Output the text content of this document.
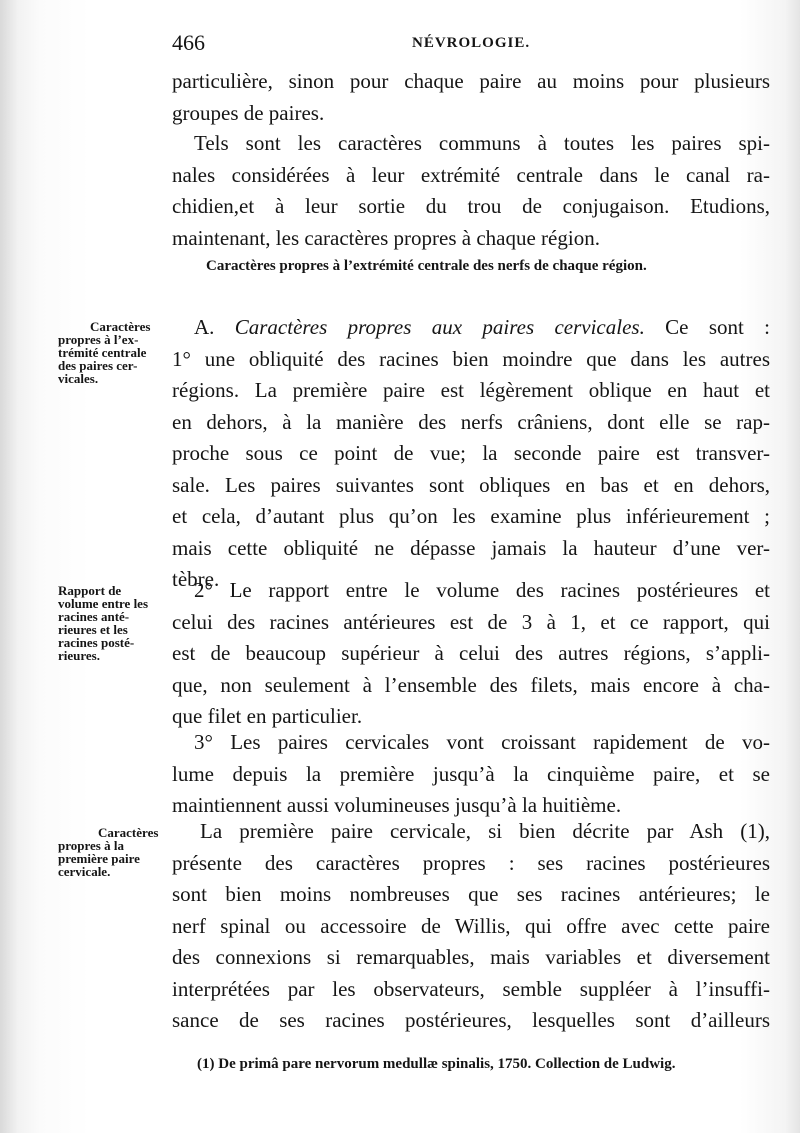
466	NÉVROLOGIE.
particulière, sinon pour chaque paire au moins pour plusieurs
groupes de paires.
Tels sont les caractères communs à toutes les paires spi-
nales considérées à leur extrémité centrale dans le canal ra-
chidien,et à leur sortie du trou de conjugaison. Etudions,
maintenant, les caractères propres à chaque région.
Caractères propres à l’extrémité centrale des nerfs de chaque région.
Caractères
propres à l’ex-
trémité centrale
des paires cer-
vicales.
A. Caractères propres aux paires cervicales. Ce sont :
1° une obliquité des racines bien moindre que dans les autres
régions. La première paire est légèrement oblique en haut et
en dehors, à la manière des nerfs crâniens, dont elle se rap-
proche sous ce point de vue; la seconde paire est transver-
sale. Les paires suivantes sont obliques en bas et en dehors,
et cela, d’autant plus qu’on les examine plus inférieurement ;
mais cette obliquité ne dépasse jamais la hauteur d’une ver-
tèbre.
Rapport de
volume entre les
racines anté-
rieures et les
racines posté-
rieures.
2° Le rapport entre le volume des racines postérieures et
celui des racines antérieures est de 3 à 1, et ce rapport, qui
est de beaucoup supérieur à celui des autres régions, s’appli-
que, non seulement à l’ensemble des filets, mais encore à cha-
que filet en particulier.
3° Les paires cervicales vont croissant rapidement de vo-
lume depuis la première jusqu’à la cinquième paire, et se
maintiennent aussi volumineuses jusqu’à la huitième.
Caractères
propres à la
première paire
cervicale.
La première paire cervicale, si bien décrite par Ash (1),
présente des caractères propres : ses racines postérieures
sont bien moins nombreuses que ses racines antérieures; le
nerf spinal ou accessoire de Willis, qui offre avec cette paire
des connexions si remarquables, mais variables et diversement
interprétées par les observateurs, semble suppléer à l’insuffi-
sance de ses racines postérieures, lesquelles sont d’ailleurs
(1) De primâ pare nervorum medullæ spinalis, 1750. Collection de Ludwig.
